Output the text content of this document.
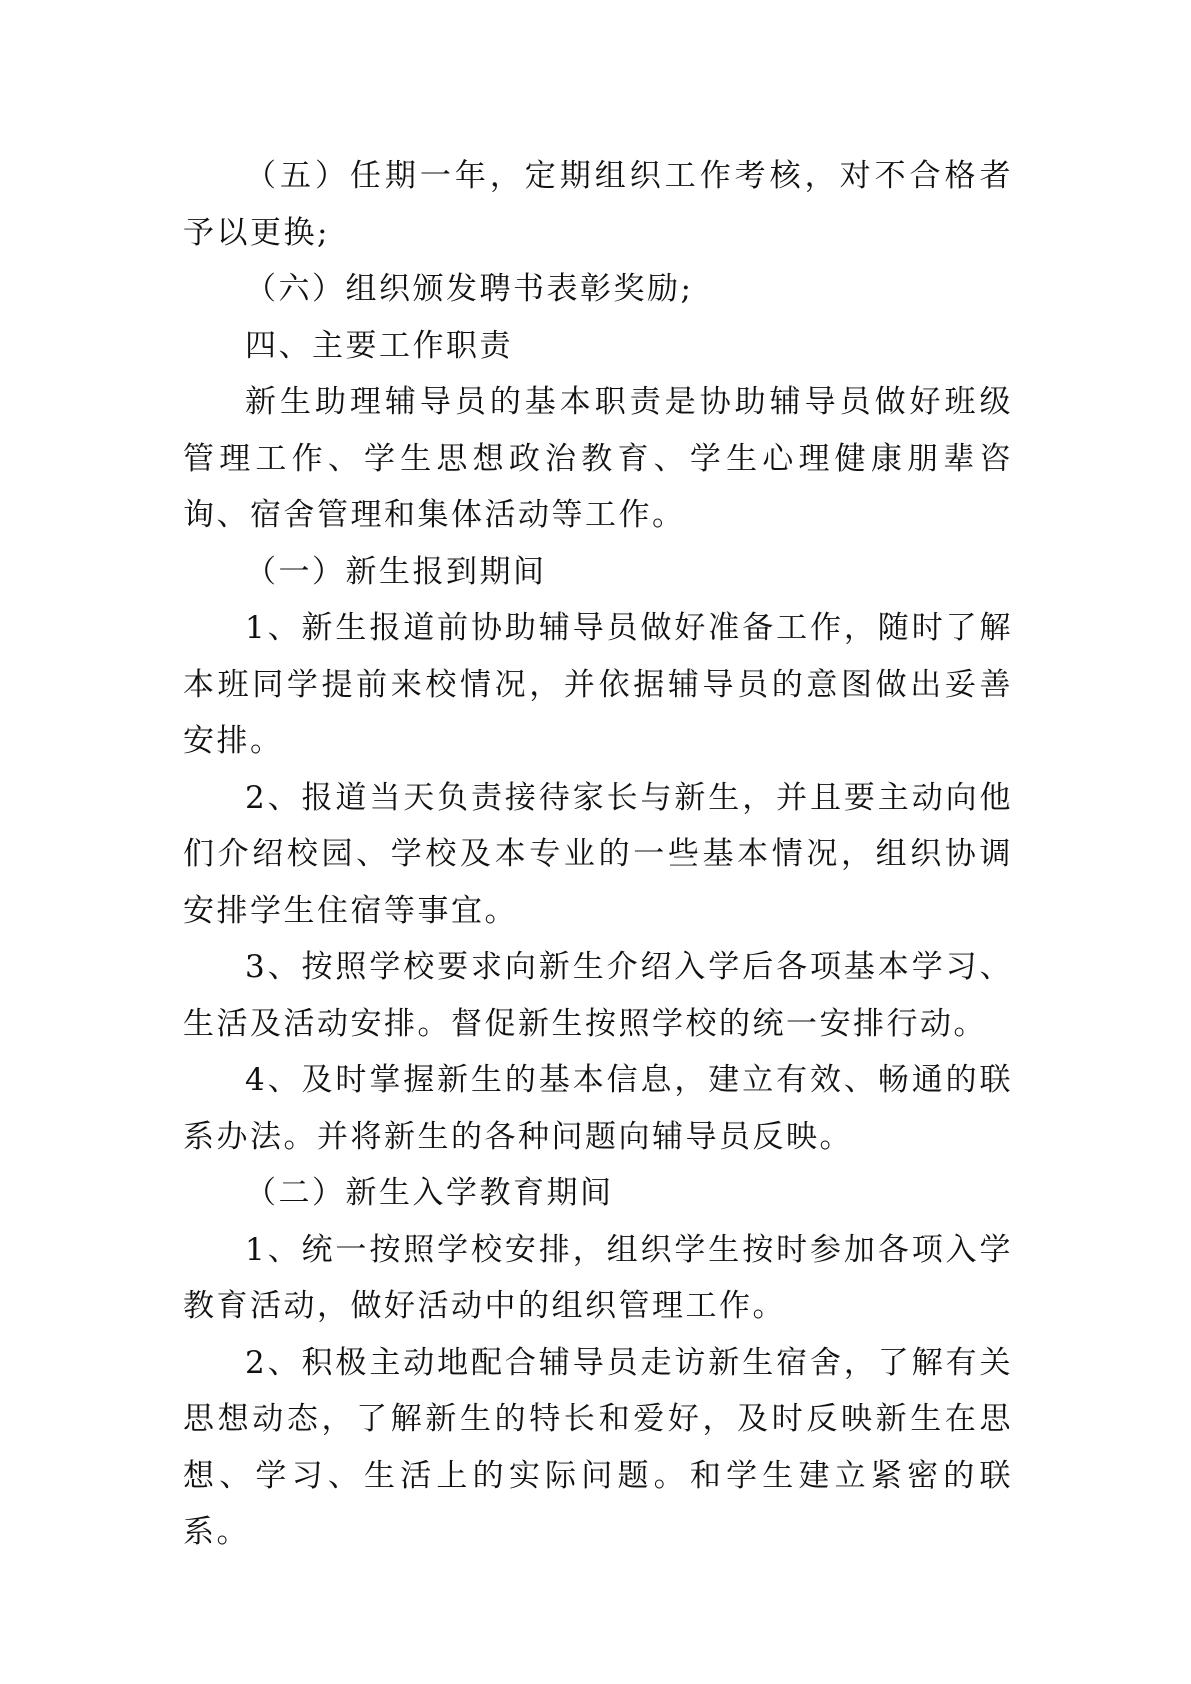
（五）任期一年，定期组织工作考核，对不合格者予以更换;

（六）组织颁发聘书表彰奖励;

四、主要工作职责

新生助理辅导员的基本职责是协助辅导员做好班级管理工作、学生思想政治教育、学生心理健康朋辈咨询、宿舍管理和集体活动等工作。

（一）新生报到期间

1、新生报道前协助辅导员做好准备工作，随时了解本班同学提前来校情况，并依据辅导员的意图做出妥善安排。

2、报道当天负责接待家长与新生，并且要主动向他们介绍校园、学校及本专业的一些基本情况，组织协调安排学生住宿等事宜。

3、按照学校要求向新生介绍入学后各项基本学习、生活及活动安排。督促新生按照学校的统一安排行动。

4、及时掌握新生的基本信息，建立有效、畅通的联系办法。并将新生的各种问题向辅导员反映。

（二）新生入学教育期间

1、统一按照学校安排，组织学生按时参加各项入学教育活动，做好活动中的组织管理工作。

2、积极主动地配合辅导员走访新生宿舍，了解有关思想动态，了解新生的特长和爱好，及时反映新生在思想、学习、生活上的实际问题。和学生建立紧密的联系。
